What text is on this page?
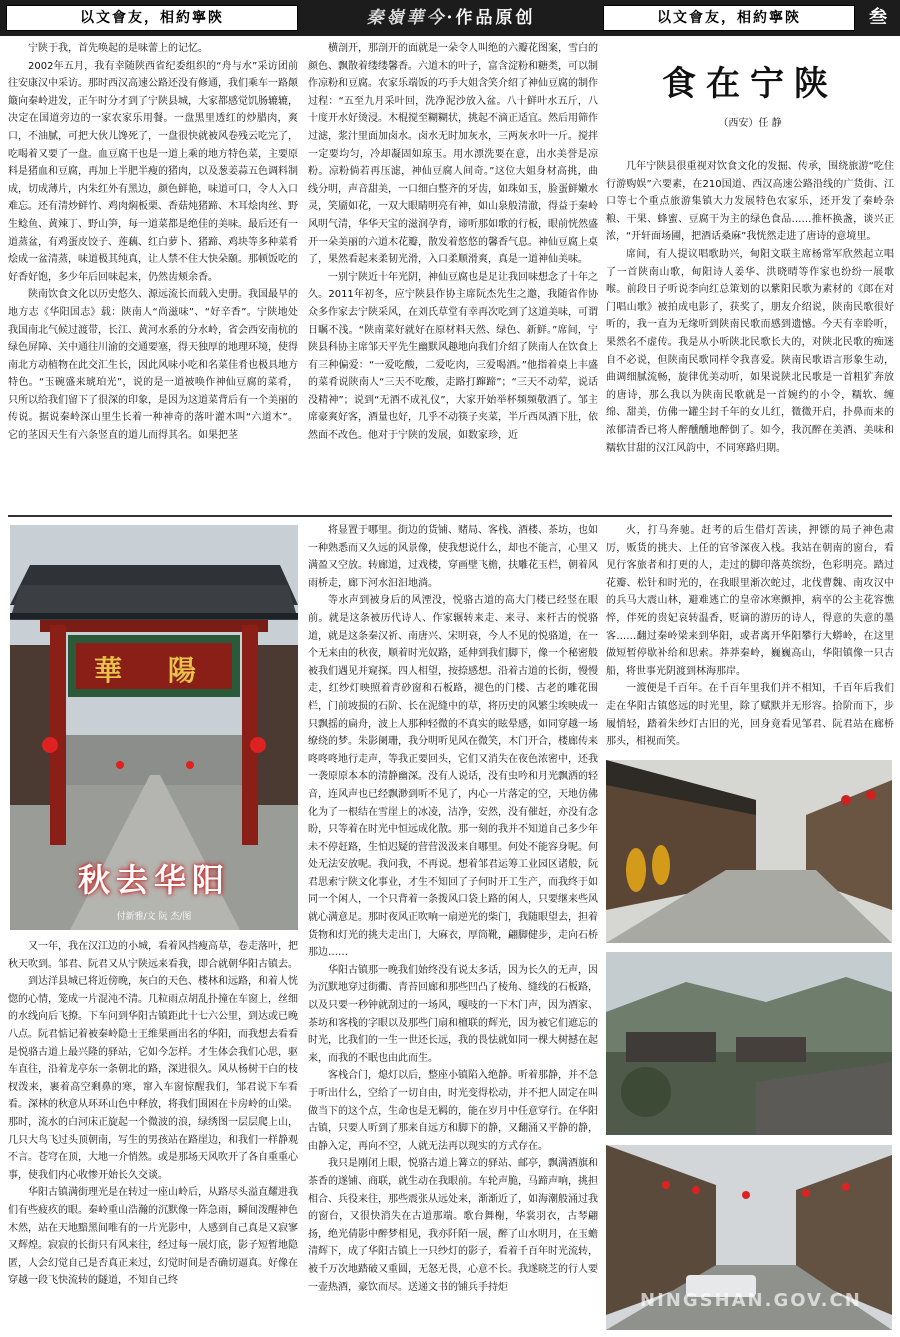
以文會友，相約寧陝	秦嶺華今·作品原创	以文會友，相約寧陝	叁

宁陕于我，首先唤起的是味蕾上的记忆。

2002年五月，我有幸随陕西省纪委组织的“舟与水”采访团前往安康汉中采访。那时西汉高速公路还没有修通，我们乘车一路颠簸向秦岭进发，正午时分才到了宁陕县城，大家都感觉饥肠辘辘，决定在国道旁边的一家农家乐用餐。一盘黑里透红的炒腊肉，爽口，不油腻，可把大伙儿馋死了，一盘很快就被风卷残云吃完了，吃喝着又要了一盘。血豆腐干也是一道上乘的地方特色菜，主要原料是猪血和豆腐，再加上半肥半瘦的猪肉，以及葱姜蒜五色调料制成，切成薄片，内朱红外有黑边，颜色鲜艳，味道可口，令人入口难忘。还有清炒鲜竹、鸡肉焖板栗、香菇炖猪蹄、木耳烩肉丝、野生鲶鱼、黄辣丁、野山笋，每一道菜都是绝佳的美味。最后还有一道蒸盆，有鸡蛋皮饺子、莲藕、红白萝卜、猪蹄、鸡块等多种菜肴烩成一盆清蒸，味道极其纯真，让人禁不住大快朵颐。那顿饭吃的好香好饱，多少年后回味起来，仍然齿颊余香。

陕南饮食文化以历史悠久、源远流长而载入史册。我国最早的地方志《华阳国志》载：陕南人“尚滋味”、“好辛香”。宁陕地处我国南北气候过渡带，长江、黄河水系的分水岭，省会西安南杭的绿色屏障、关中通往川渝的交通要塞，得天独厚的地理环境，使得南北方动植物在此交汇生长，因此风味小吃和名菜佳肴也极具地方特色。“玉碗盛来琥珀光”，说的是一道被唤作神仙豆腐的菜肴，只所以给我们留下了很深的印象，是因为这道菜背后有一个美丽的传说。据说秦岭深山里生长着一种神奇的落叶灌木叫“六道木”。它的茎因天生有六条竖直的道儿而得其名。如果把茎

横剖开，那剖开的面就是一朵令人叫绝的六瓣花图案，雪白的颜色、飘散着缕缕馨香。六道木的叶子，富含淀粉和糖类，可以制作凉粉和豆腐。农家乐端饭的巧手大姐含笑介绍了神仙豆腐的制作过程：“五至九月采叶回，洗净泥沙放入盆。八十鲜叶水五斤，八十度开水好烫浸。木棍搅至糊糊状，挑起不滴正适宜。然后用筛作过滤，浆汁里面加卤水。卤水无时加灰水，三两灰水叶一斤。搅拌一定要均匀，冷却凝固如琼玉。用水漂洗要在意，出水美誉是凉粉。凉粉倘若再压滤，神仙豆腐人间奇。”这位大姐身材高挑，曲线分明，声音甜美，一口细白整齐的牙齿，如珠如玉，脸蛋鲜嫩水灵，笑靥如花，一双大眼睛明亮有神，如山泉般清澈，得益于秦岭风明气清，华华天宝的滋润孕育，谛听那如歌的行板，眼前恍然盛开一朵美丽的六道木花瓣，散发着悠悠的馨香气息。神仙豆腐上桌了，果然看起来柔韧光滑，入口柔顺滑爽，真是一道神仙美味。

一别宁陕近十年光阴，神仙豆腐也是足让我回味想念了十年之久。2011年初冬，应宁陕县作协主席阮杰先生之邀，我随省作协众多作家去宁陕采风，在刘氏草堂有幸再次吃到了这道美味，可谓日瞩不浅。“陕南菜好就好在原材料天然、绿色、新鲜。”席间，宁陕县科协主席邹天平先生幽默风趣地向我们介绍了陕南人在饮食上有三种偏爱：“一爱吃酸，二爱吃肉，三爱喝酒。”他指着桌上丰盛的菜肴说陕南人“三天不吃酸，走路打蹿蹄”；“三天不动荤，说话没精神”；说到“无酒不成礼仪”，大家开始举杯频频敬酒了。邹主席豪爽好客，酒量也好，几乎不动筷子夹菜，半斤西凤酒下肚，依然面不改色。他对于宁陕的发展，如数家珍，近

食在宁陕
（西安）任 静

几年宁陕县很重视对饮食文化的发掘、传承，围绕旅游“吃住行游购娱”六要素，在210国道、西汉高速公路沿线的广货街、江口等七个重点旅游集镇大力发展特色农家乐，还开发了秦岭杂粮、干果、蜂蜜、豆腐干为主的绿色食品……推杯换盏，谈兴正浓，“开轩面场圃，把酒话桑麻”我恍然走进了唐诗的意境里。

席间，有人提议唱歌助兴，甸阳文联主席杨常军欣然起立唱了一首陕南山歌，甸阳诗人姜华、洪晓晴等作家也纷纷一展歌喉。前段日子听说李向红总策划的以紫阳民歌为素材的《郎在对门唱山歌》被拍成电影了，获奖了，朋友介绍说，陕南民歌很好听的，我一直为无缘听到陕南民歌而感到遗憾。今天有幸聆听，果然名不虚传。我是从小听陕北民歌长大的，对陕北民歌的痴迷自不必说，但陕南民歌同样令我喜爱。陕南民歌语言形象生动，曲调细腻流畅，旋律优美动听，如果说陕北民歌是一首粗犷奔放的唐诗，那么我以为陕南民歌就是一首婉约的小令，糯软、缠绵、甜美，仿佛一罐尘封千年的女儿红，微微开启，扑鼻而来的浓郁清香已将人醉醺醺地醉倒了。如今，我沉醉在美酒、美味和糯软甘甜的汉江风韵中，不同寒路归期。

華 陽
秋去华阳
付新雅/文 阮 杰/图

又一年，我在汉江边的小城，看着风挡瘦高草，卷走落叶，把秋天吹到。邹君、阮君又从宁陕远来看我，即合就朝华阳古镇去。

到达洋县城已将近傍晚，灰白的天色、楼林和远路，和着人恍惚的心情，笼成一片混沌不清。几粒雨点胡乱扑撞在车窗上，丝细的水线向后飞撩。下车问到华阳古镇距此十七六公里，到达或已晚八点。阮君惦记着被秦岭隐士王维果画出名的华阳，而我想去看看是悦骆古道上最兴隆的驿站，它如今怎样。才生体会我们心思，驱车直往，沿着龙亭东一条朝北的路，深进很久。风从杨树干白的枝杈泼来，裹着高空剩鼻的寒，窜入车窗惊醒我们，邹君说下车看看。深林的秋意从环环山色中释放，将我们围困在卡房岭的山梁。那时，流水的白河床正旋起一个微波的浪，绿绣图一层层爬上山，几只大鸟飞过头顶朝南，写生的男孩站在路崖边，和我们一样静观不言。苍穹在顶，大地一介悄然。或是那场天风吹开了各自重重心事，使我们内心收惨开始长久交谈。

华阳古镇满街理光是在转过一座山岭后，从路尽头溢直耀进我们有些疲疚的眼。秦岭重山浩瀚的沉默像一阵急雨，瞬间泼醒神色木然，站在天地黯黑间唯有的一片光影中，人感到自己真是又寂寥又辉煌。寂寂的长街只有风来往，经过每一展灯底，影子短暂地隐匿，人会幻觉自己是否真正来过，幻觉时间是否确切逼真。好像在穿越一段飞快流转的隧道，不知自己终

将显置于哪里。街边的货铺、赌局、客栈、酒楼、茶坊，也如一种熟悉而又久远的风景像，使我想说什么，却也不能言，心里又满盈又空放。转廊道，过戏楼，穿画壁飞檐，扶雕花玉栏，朝着风雨桥走，廊下河水汩汩地淌。

等水声到被身后的风湮没，悦骆古道的高大门楼已经竖在眼前。就是这条被历代诗人、作家辗转来走、来寻、来杆古的悦骆道，就是这条秦汉祈、南唐兴、宋明衰，今人不见的悦骆道，在一个无来由的秋夜，顺着时光奴路，延伸到我们脚下，像一个秘密般被我们遇见并窥探。四人相望，按捺感想。沿着古道的长街，慢慢走，红纱灯映照着青砂窗和石板路，褪色的门楼、古老的雕花围栏，门前坡损的石阶、长在泥缝中的草，将历史的风繁尘埃映成一只飘摇的扁舟，波上人那种轻微的不真实的眩晕感，如同穿越一场缭绕的梦。朱影阑珊，我分明听见风在微笑，木门开合，楼廊传来咚咚咚地行走声，等我正要回头，它们又消失在夜色浓密中，还我一袭原原本本的清静幽深。没有人说话，没有虫吟和月光飘洒的轻音，连风声也已经飘渺到听不见了，内心一片落定的空，天地仿佛化为了一根结在雪崖上的冰凌，洁净，安然，没有催赶，亦没有念盼，只等着在时光中恒远成化散。那一刻的我并不知道自己多少年未不停赶路，生怕迟疑的营营汲汲来自哪里。何处不能容身呢。何处无法安放呢。我问我，不再说。想着邹君运筹工业园区诸般，阮君思索宁陕文化事业，才生不知回了子何时开工生产，而我终于如同一个闲人，一个只背着一条拨风口袋上路的闲人，只要继来些风就心满意足。那时夜风正吹响一扇逆光的柴门，我随眼望去，担着货物和灯光的挑夫走出门，大麻衣，厚筒靴，翩脚健步，走向石桥那边……

华阳古镇那一晚我们始终没有说太多话，因为长久的无声，因为沉默地穿过街衢、青苔回廊和那些凹凸了棱角、缝线的石板路，以及只要一秒钟就刮过的一场风，嘎吱的一下木门声，因为酒家、茶坊和客栈的字眼以及那些门扇和檀联的辉光，因为被它们遮忘的时光，比我们的一生一世还长远，我的畏怯就如同一棵大树撼在起来，而我的不眠也由此而生。

客栈合门，熄灯以后，整座小镇陷入绝静。听着那静，并不急于听出什么，空给了一切自由，时光变得松动，并不把人固定在叫做当下的这个点，生命也是无羁的，能在岁月中任意穿行。在华阳古镇，只要人听到了那来自远方和脚下的静，又翻涌又平静的静，由静入定，再向不空，人就无法再以现实的方式存在。

我只是刚闭上眼，悦骆古道上篝立的驿站、邮亭，飘满酒旗和茶香的遂铺、商联，就生动在我眼前。车轮声脆，马蹄声响，挑担相合、兵役来往，那些震张从远处来，渐渐近了，如海潮般涌过我的窗台，又很快消失在古道那端。歌台舞榭，华裳羽衣，古琴翩扬，绝光倩影中醉梦相见，我亦阡陌一展，醉了山水明月，在玉蟾清辉下，成了华阳古镇上一只纱灯的影子，看着千百年时光流转，被千万次地踏破又重圆，无怒无畏，心意不长。我遂晓芝的行人要一壶热酒，豪饮而尽。送递文书的铺兵手持炬

火，打马奔驰。赶考的后生借灯苦读，押镖的局子神色肃厉，贩货的挑夫、上任的官爷深夜入栈。我站在朝南的窗台，看见行客旅者和打更的人，走过的脚印落英缤纷，色彩明亮。踏过花瓣、松针和时光的，在我眼里渐次蛇过，北伐曹魏、南攻汉中的兵马大震山林，避难逃亡的皇帝冰寒颤抻，病卒的公主花容憔悴，伴死的贵妃哀转温香，贬谪的游历的诗人，得意的失意的墨客……翻过秦岭梁来到华阳，或者离开华阳攀行大蟒岭，在这里做短暂停歇补给和思索。莽莽秦岭，巍巍高山，华阳镇像一只古船，将世事光阴渡到林海那岸。

一渡便是千百年。在千百年里我们并不相知，千百年后我们走在华阳古镇悠远的时光里，除了赋默并无形容。拾阶而下，步履悄轻，踏着朱纱灯古旧的光，回身竟看见邹君、阮君站在廊桥那头，相视而笑。

NINGSHAN.GOV.CN
